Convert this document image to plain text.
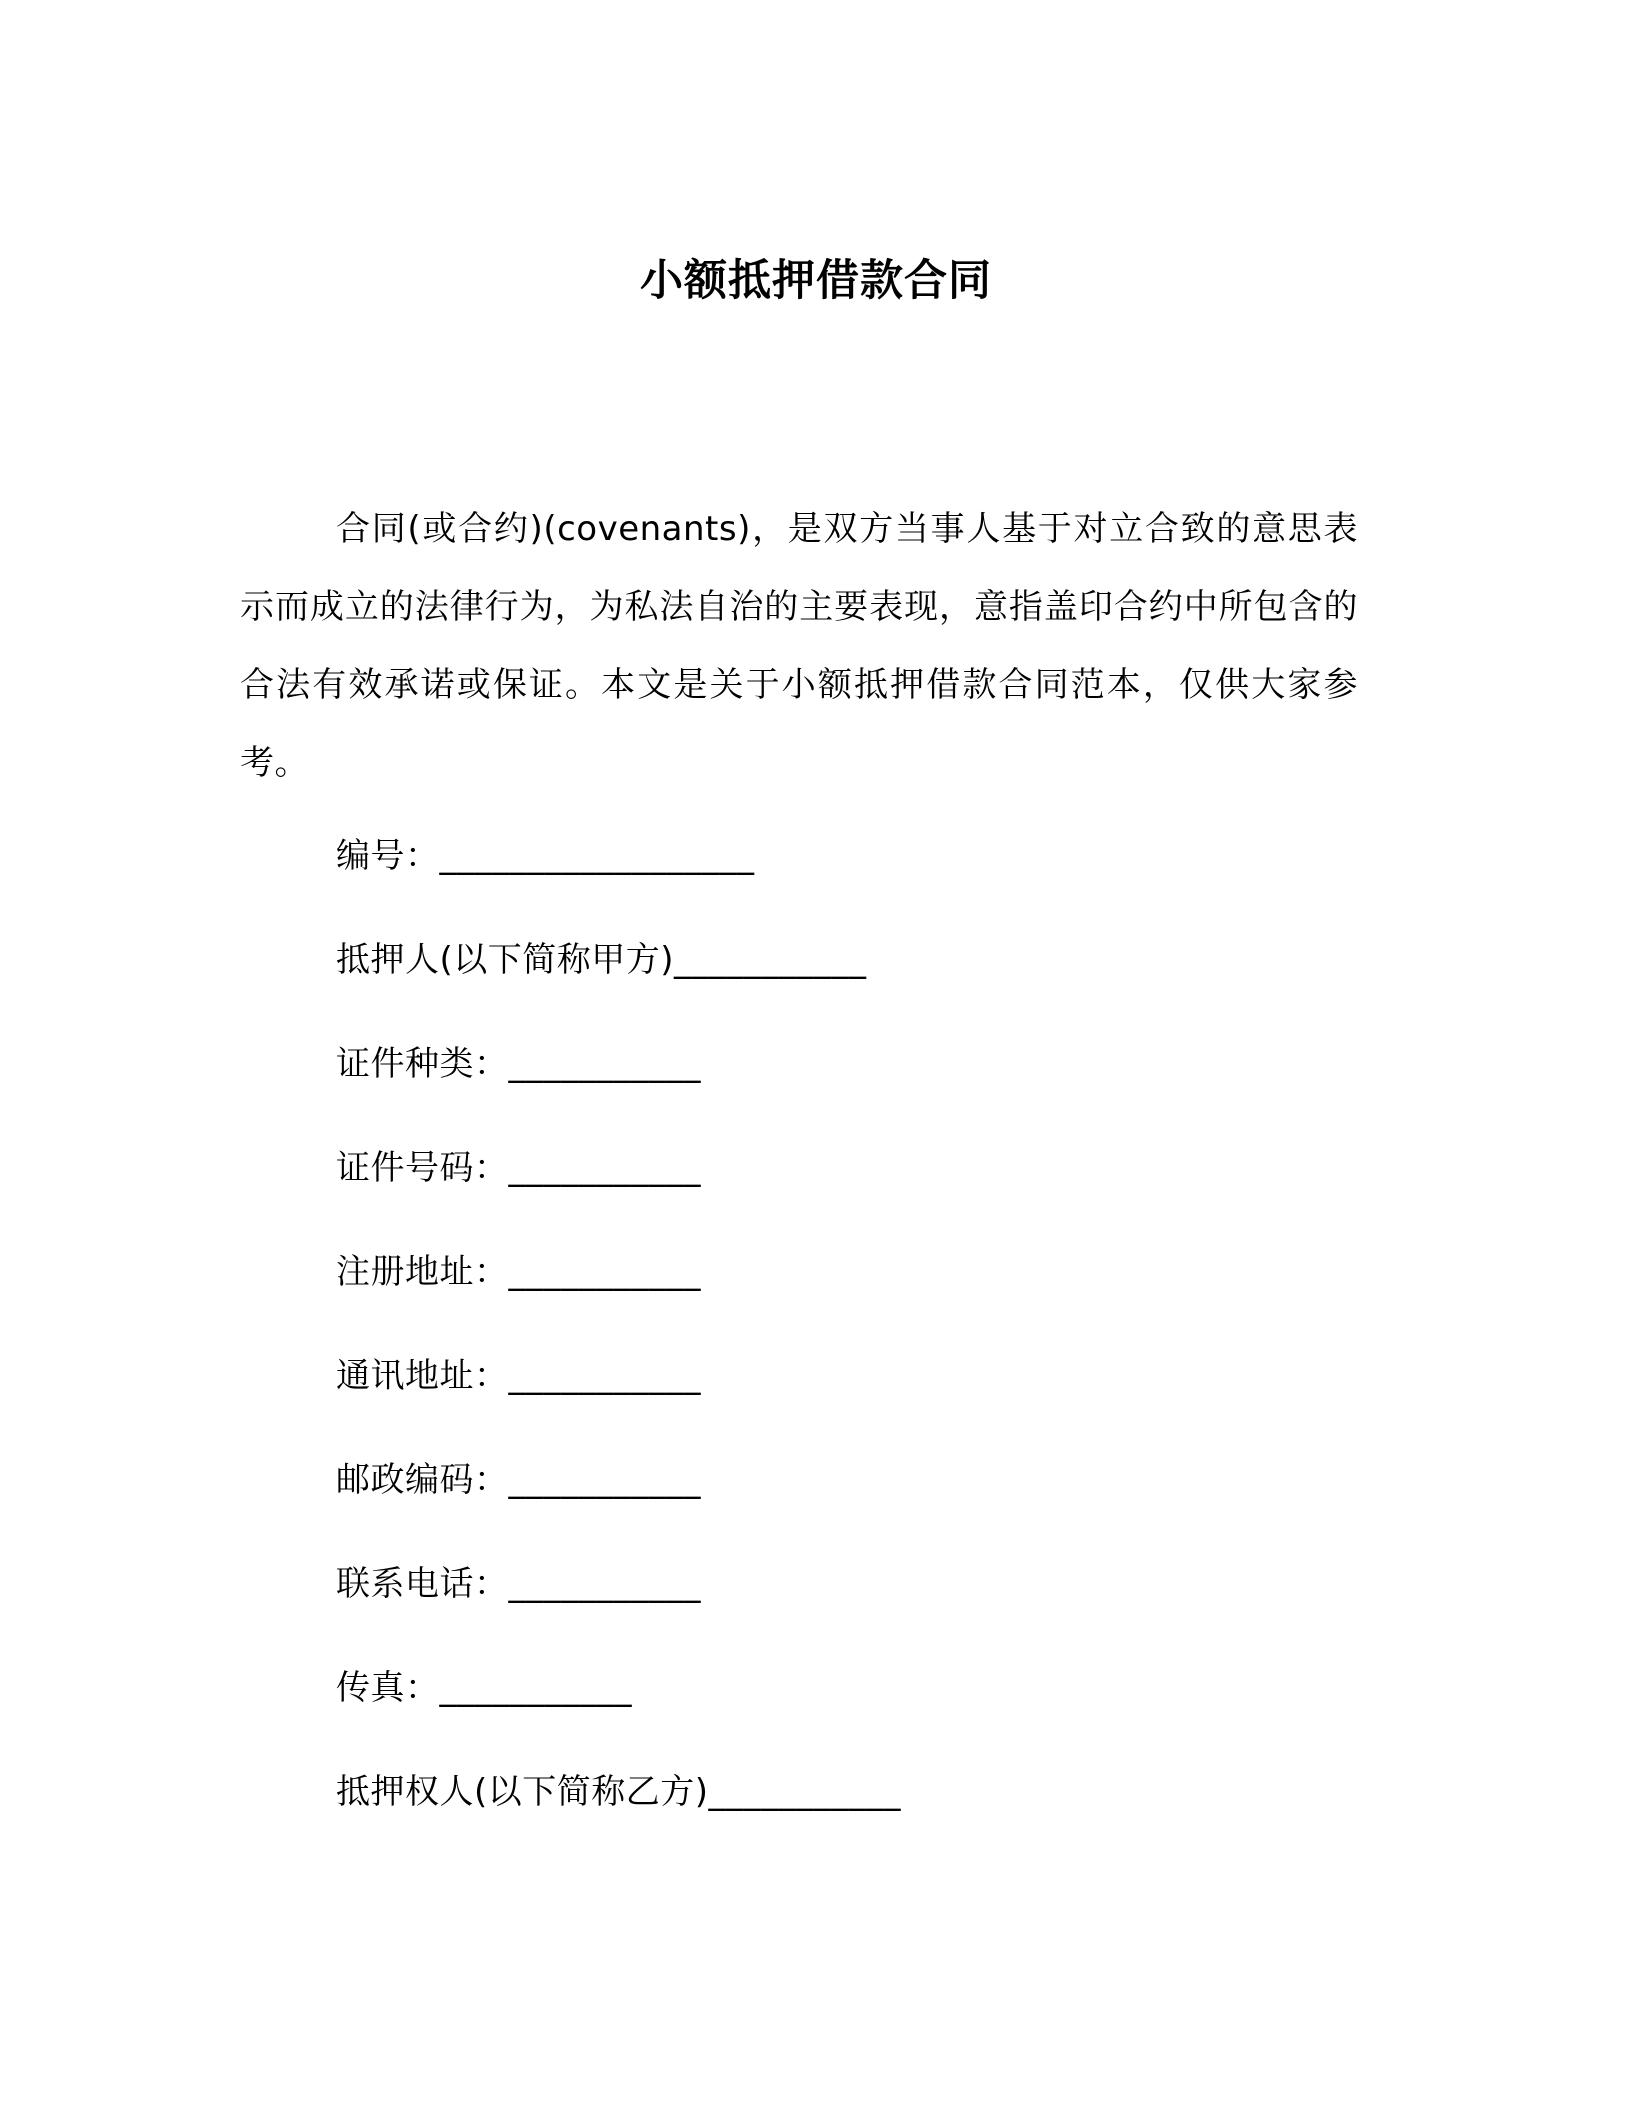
小额抵押借款合同

合同(或合约)(covenants)，是双方当事人基于对立合致的意思表示而成立的法律行为，为私法自治的主要表现，意指盖印合约中所包含的合法有效承诺或保证。本文是关于小额抵押借款合同范本，仅供大家参考。

编号：__________________
抵押人(以下简称甲方)___________
证件种类：___________
证件号码：___________
注册地址：___________
通讯地址：___________
邮政编码：___________
联系电话：___________
传真：___________
抵押权人(以下简称乙方)___________
